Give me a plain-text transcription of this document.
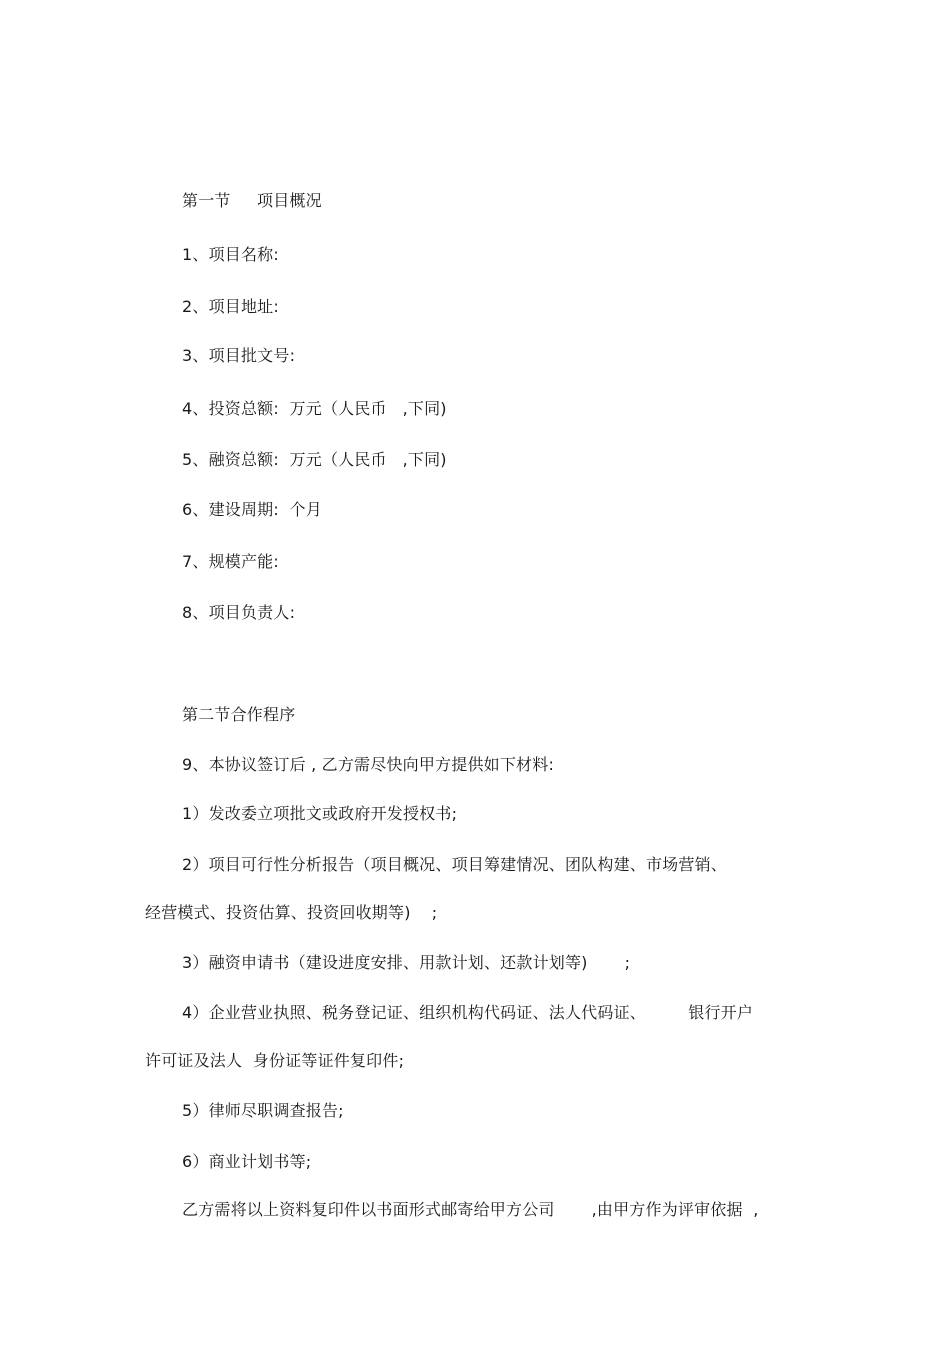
第一节     项目概况
1、项目名称:
2、项目地址:
3、项目批文号:
4、投资总额:  万元（人民币   ,下同)
5、融资总额:  万元（人民币   ,下同)
6、建设周期:  个月
7、规模产能:
8、项目负责人:
第二节合作程序
9、本协议签订后 , 乙方需尽快向甲方提供如下材料:
1）发改委立项批文或政府开发授权书;
2）项目可行性分析报告（项目概况、项目筹建情况、团队构建、市场营销、
经营模式、投资估算、投资回收期等)    ;
3）融资申请书（建设进度安排、用款计划、还款计划等)       ;
4）企业营业执照、税务登记证、组织机构代码证、法人代码证、        银行开户
许可证及法人  身份证等证件复印件;
5）律师尽职调查报告;
6）商业计划书等;
乙方需将以上资料复印件以书面形式邮寄给甲方公司       ,由甲方作为评审依据  ,
